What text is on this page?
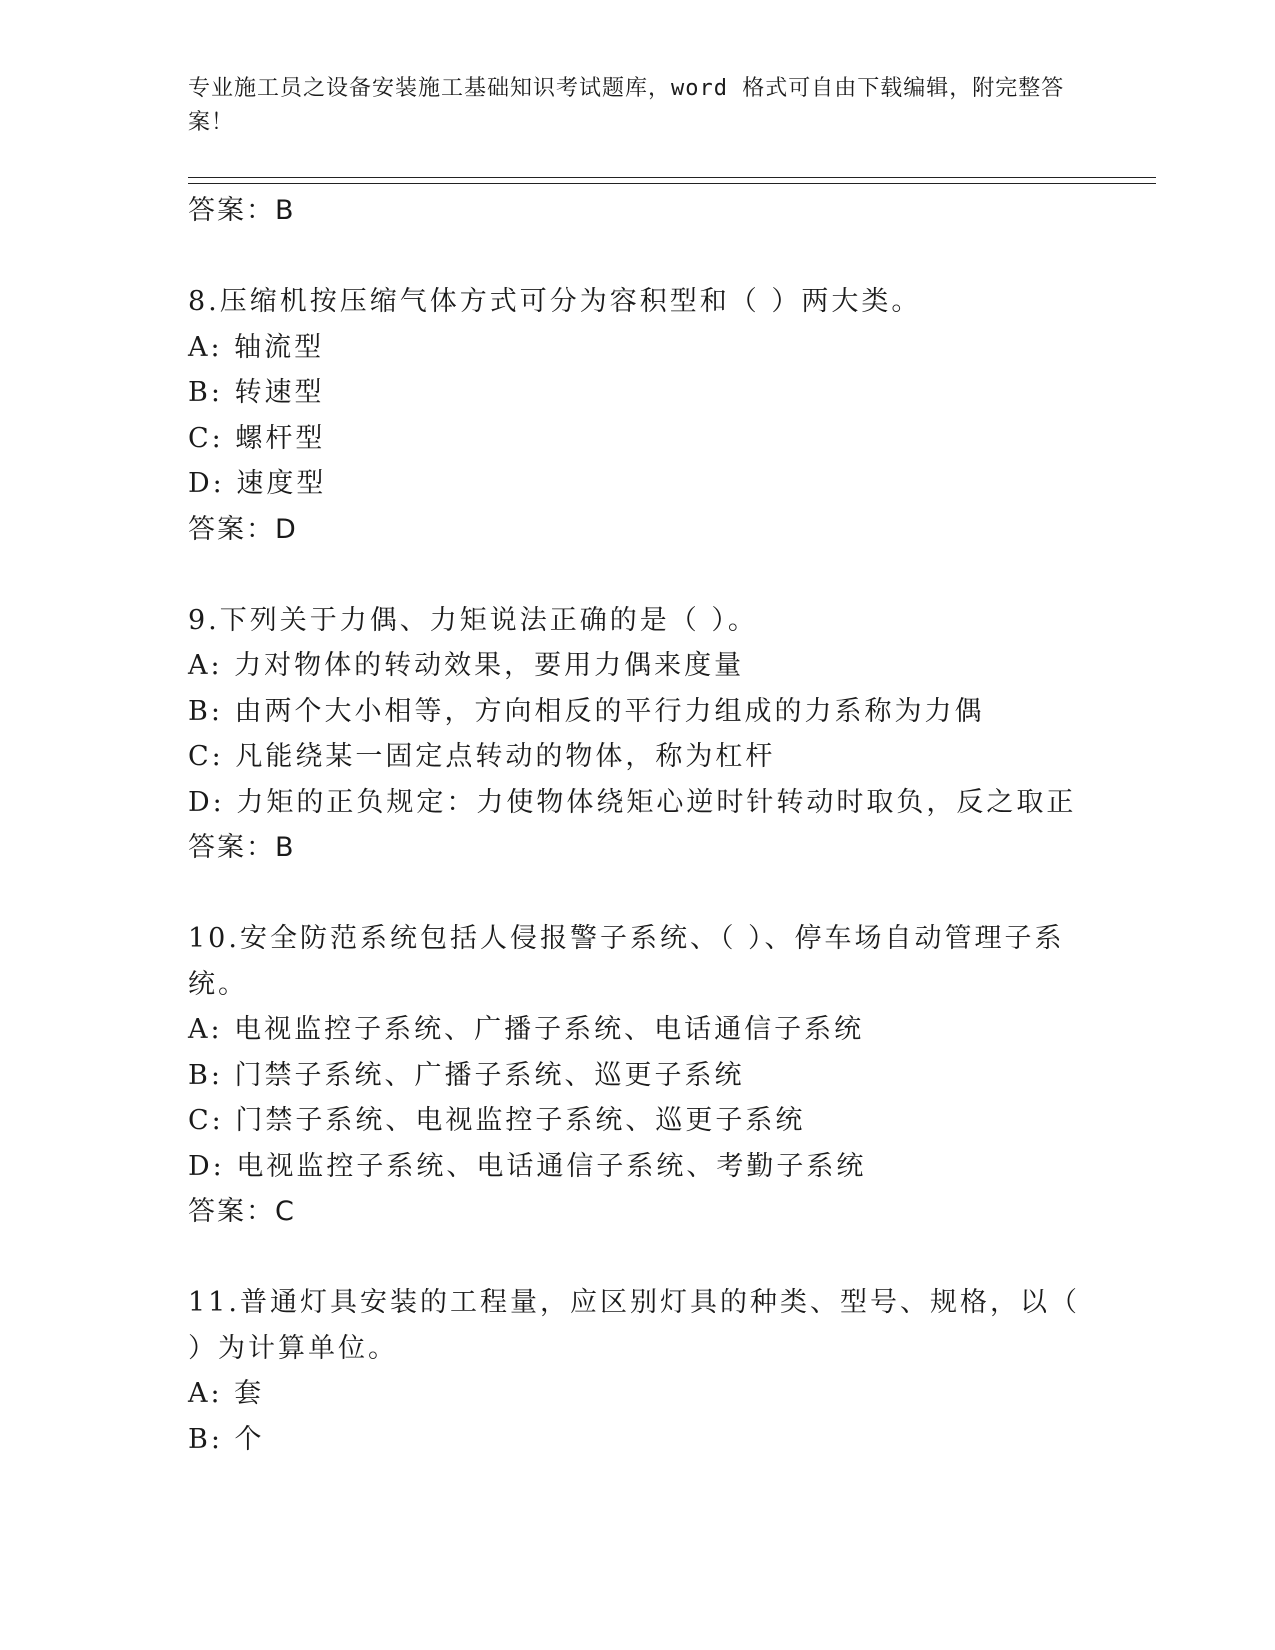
专业施工员之设备安装施工基础知识考试题库，word 格式可自由下载编辑，附完整答案！
答案：B
8.压缩机按压缩气体方式可分为容积型和（ ）两大类。
A: 轴流型
B: 转速型
C: 螺杆型
D: 速度型
答案：D
9.下列关于力偶、力矩说法正确的是（ ）。
A: 力对物体的转动效果，要用力偶来度量
B: 由两个大小相等，方向相反的平行力组成的力系称为力偶
C: 凡能绕某一固定点转动的物体，称为杠杆
D: 力矩的正负规定：力使物体绕矩心逆时针转动时取负，反之取正
答案：B
10.安全防范系统包括人侵报警子系统、（ ）、停车场自动管理子系
统。
A: 电视监控子系统、广播子系统、电话通信子系统
B: 门禁子系统、广播子系统、巡更子系统
C: 门禁子系统、电视监控子系统、巡更子系统
D: 电视监控子系统、电话通信子系统、考勤子系统
答案：C
11.普通灯具安装的工程量，应区别灯具的种类、型号、规格，以（
）为计算单位。
A: 套
B: 个
